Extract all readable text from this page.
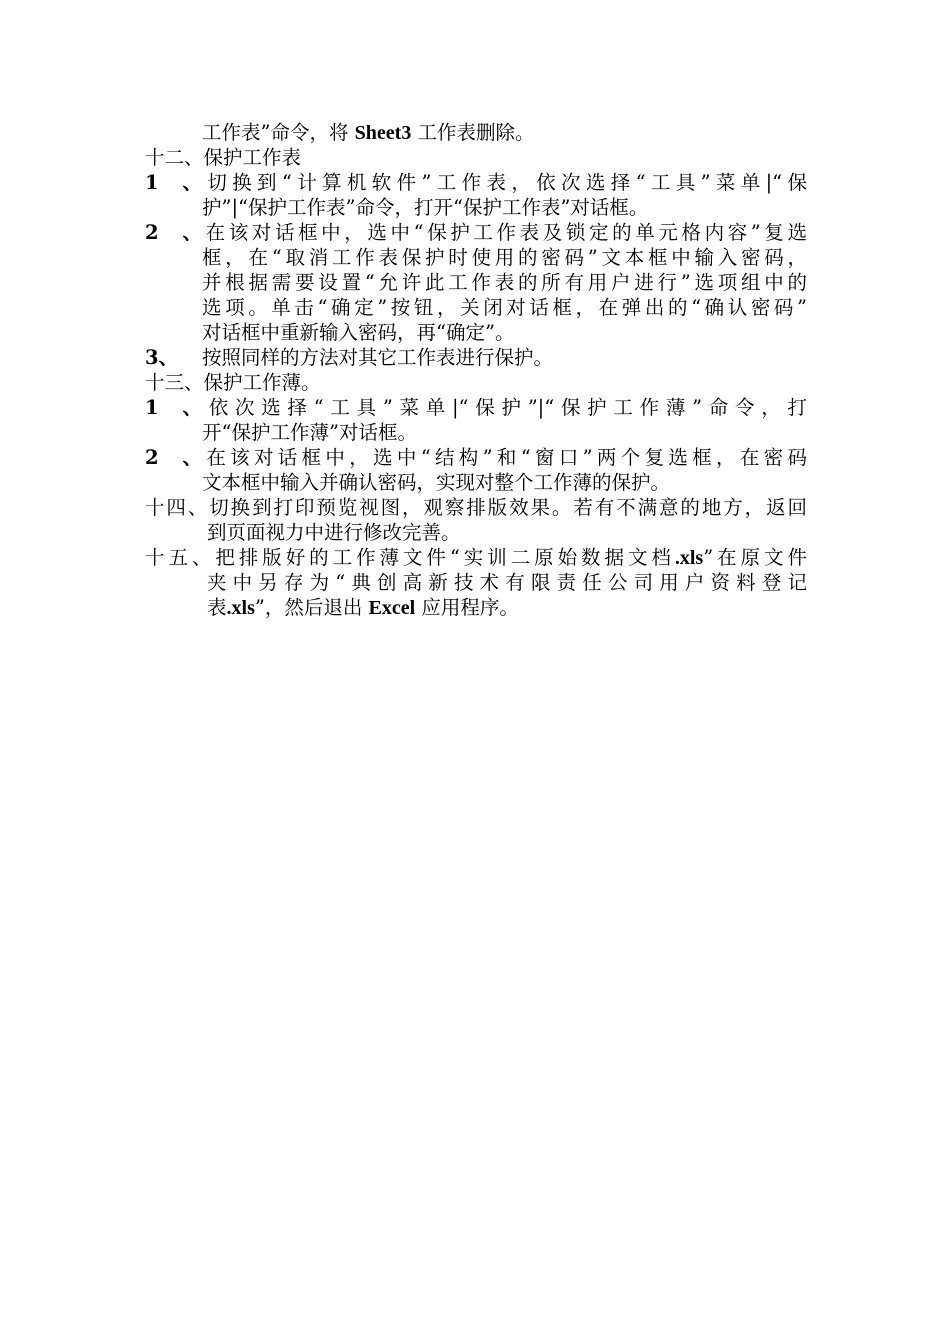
工作表”命令，将 Sheet3 工作表删除。
十二、保护工作表
1、切换到“计算机软件”工作表，依次选择“工具”菜单|“保
护”|“保护工作表”命令，打开“保护工作表”对话框。
2、在该对话框中，选中“保护工作表及锁定的单元格内容”复选
框，在“取消工作表保护时使用的密码”文本框中输入密码，
并根据需要设置“允许此工作表的所有用户进行”选项组中的
选项。单击“确定”按钮，关闭对话框，在弹出的“确认密码”
对话框中重新输入密码，再“确定”。
3、 按照同样的方法对其它工作表进行保护。
十三、保护工作薄。
1、依次选择“工具”菜单|“保护”|“保护工作薄”命令，打
开“保护工作薄”对话框。
2、在该对话框中，选中“结构”和“窗口”两个复选框，在密码
文本框中输入并确认密码，实现对整个工作薄的保护。
十四、切换到打印预览视图，观察排版效果。若有不满意的地方，返回
到页面视力中进行修改完善。
十五、把排版好的工作薄文件“实训二原始数据文档.xls”在原文件
夹中另存为“典创高新技术有限责任公司用户资料登记
表.xls”，然后退出 Excel 应用程序。
